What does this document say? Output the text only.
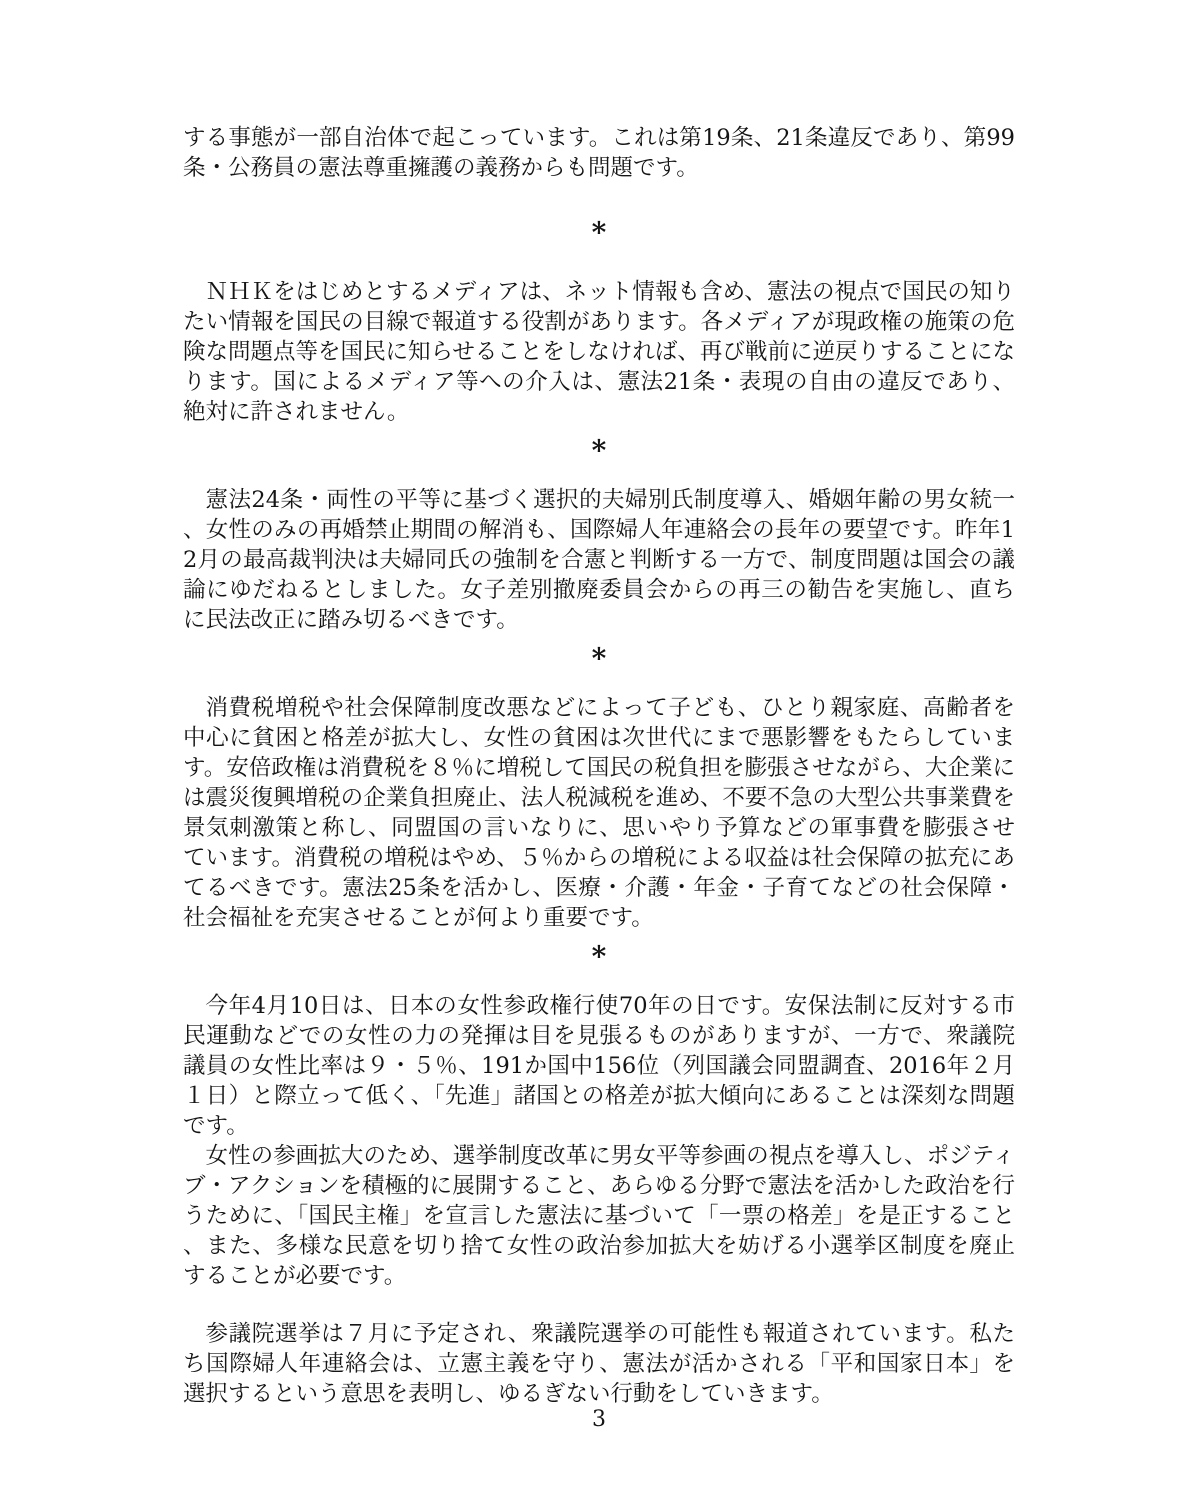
する事態が一部自治体で起こっています。これは第19条、21条違反であり、第99条・公務員の憲法尊重擁護の義務からも問題です。

*

ＮＨＫをはじめとするメディアは、ネット情報も含め、憲法の視点で国民の知りたい情報を国民の目線で報道する役割があります。各メディアが現政権の施策の危険な問題点等を国民に知らせることをしなければ、再び戦前に逆戻りすることになります。国によるメディア等への介入は、憲法21条・表現の自由の違反であり、絶対に許されません。

*

憲法24条・両性の平等に基づく選択的夫婦別氏制度導入、婚姻年齢の男女統一、女性のみの再婚禁止期間の解消も、国際婦人年連絡会の長年の要望です。昨年12月の最高裁判決は夫婦同氏の強制を合憲と判断する一方で、制度問題は国会の議論にゆだねるとしました。女子差別撤廃委員会からの再三の勧告を実施し、直ちに民法改正に踏み切るべきです。

*

消費税増税や社会保障制度改悪などによって子ども、ひとり親家庭、高齢者を中心に貧困と格差が拡大し、女性の貧困は次世代にまで悪影響をもたらしています。安倍政権は消費税を８％に増税して国民の税負担を膨張させながら、大企業には震災復興増税の企業負担廃止、法人税減税を進め、不要不急の大型公共事業費を景気刺激策と称し、同盟国の言いなりに、思いやり予算などの軍事費を膨張させています。消費税の増税はやめ、５％からの増税による収益は社会保障の拡充にあてるべきです。憲法25条を活かし、医療・介護・年金・子育てなどの社会保障・社会福祉を充実させることが何より重要です。

*

今年4月10日は、日本の女性参政権行使70年の日です。安保法制に反対する市民運動などでの女性の力の発揮は目を見張るものがありますが、一方で、衆議院議員の女性比率は９・５％、191か国中156位（列国議会同盟調査、2016年２月１日）と際立って低く、「先進」諸国との格差が拡大傾向にあることは深刻な問題です。

女性の参画拡大のため、選挙制度改革に男女平等参画の視点を導入し、ポジティブ・アクションを積極的に展開すること、あらゆる分野で憲法を活かした政治を行うために、「国民主権」を宣言した憲法に基づいて「一票の格差」を是正すること、また、多様な民意を切り捨て女性の政治参加拡大を妨げる小選挙区制度を廃止することが必要です。

参議院選挙は７月に予定され、衆議院選挙の可能性も報道されています。私たち国際婦人年連絡会は、立憲主義を守り、憲法が活かされる「平和国家日本」を選択するという意思を表明し、ゆるぎない行動をしていきます。

3
